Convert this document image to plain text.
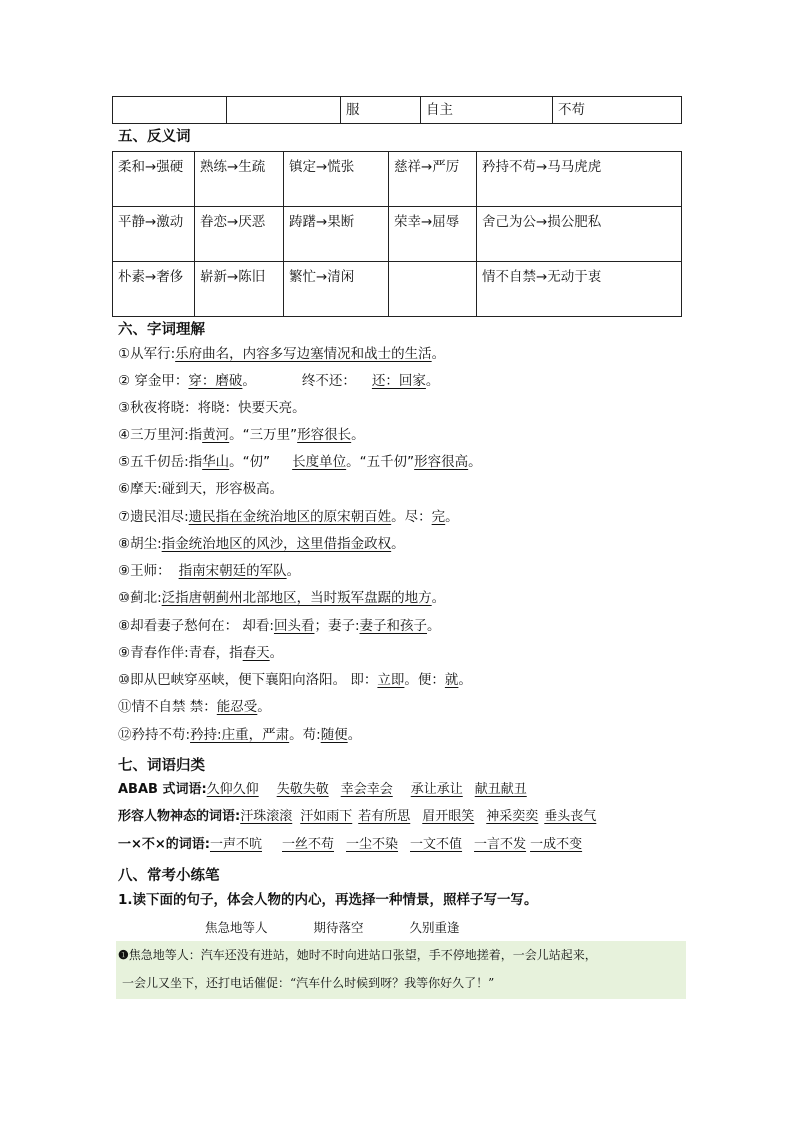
		服	自主	不苟
五、反义词
柔和→强硬	熟练→生疏	镇定→慌张	慈祥→严厉	矜持不苟→马马虎虎
平静→激动	眷恋→厌恶	踌躇→果断	荣幸→屈辱	舍己为公→损公肥私
朴素→奢侈	崭新→陈旧	繁忙→清闲		情不自禁→无动于衷
六、字词理解
①从军行:乐府曲名，内容多写边塞情况和战士的生活。
② 穿金甲：穿：磨破。	终不还： 还：回家。
③秋夜将晓：将晓：快要天亮。
④三万里河:指黄河。“三万里”形容很长。
⑤五千仞岳:指华山。“仞” 长度单位。“五千仞”形容很高。
⑥摩天:碰到天，形容极高。
⑦遗民泪尽:遗民指在金统治地区的原宋朝百姓。尽：完。
⑧胡尘:指金统治地区的风沙，这里借指金政权。
⑨王师： 指南宋朝廷的军队。
⑩蓟北:泛指唐朝蓟州北部地区，当时叛军盘踞的地方。
⑧却看妻子愁何在： 却看:回头看；妻子:妻子和孩子。
⑨青春作伴:青春，指春天。
⑩即从巴峡穿巫峡，便下襄阳向洛阳。 即：立即。便：就。
⑪情不自禁 禁：能忍受。
⑫矜持不苟:矜持:庄重，严肃。苟:随便。
七、词语归类
ABAB 式词语:久仰久仰 失敬失敬 幸会幸会 承让承让 献丑献丑
形容人物神态的词语:汗珠滚滚 汗如雨下 若有所思 眉开眼笑 神采奕奕 垂头丧气
一×不×的词语:一声不吭 一丝不苟 一尘不染 一文不值 一言不发 一成不变
八、常考小练笔
1.读下面的句子，体会人物的内心，再选择一种情景，照样子写一写。
焦急地等人	期待落空	久别重逢
❶焦急地等人：汽车还没有进站，她时不时向进站口张望，手不停地搓着，一会儿站起来，
一会儿又坐下，还打电话催促：“汽车什么时候到呀？我等你好久了！”
